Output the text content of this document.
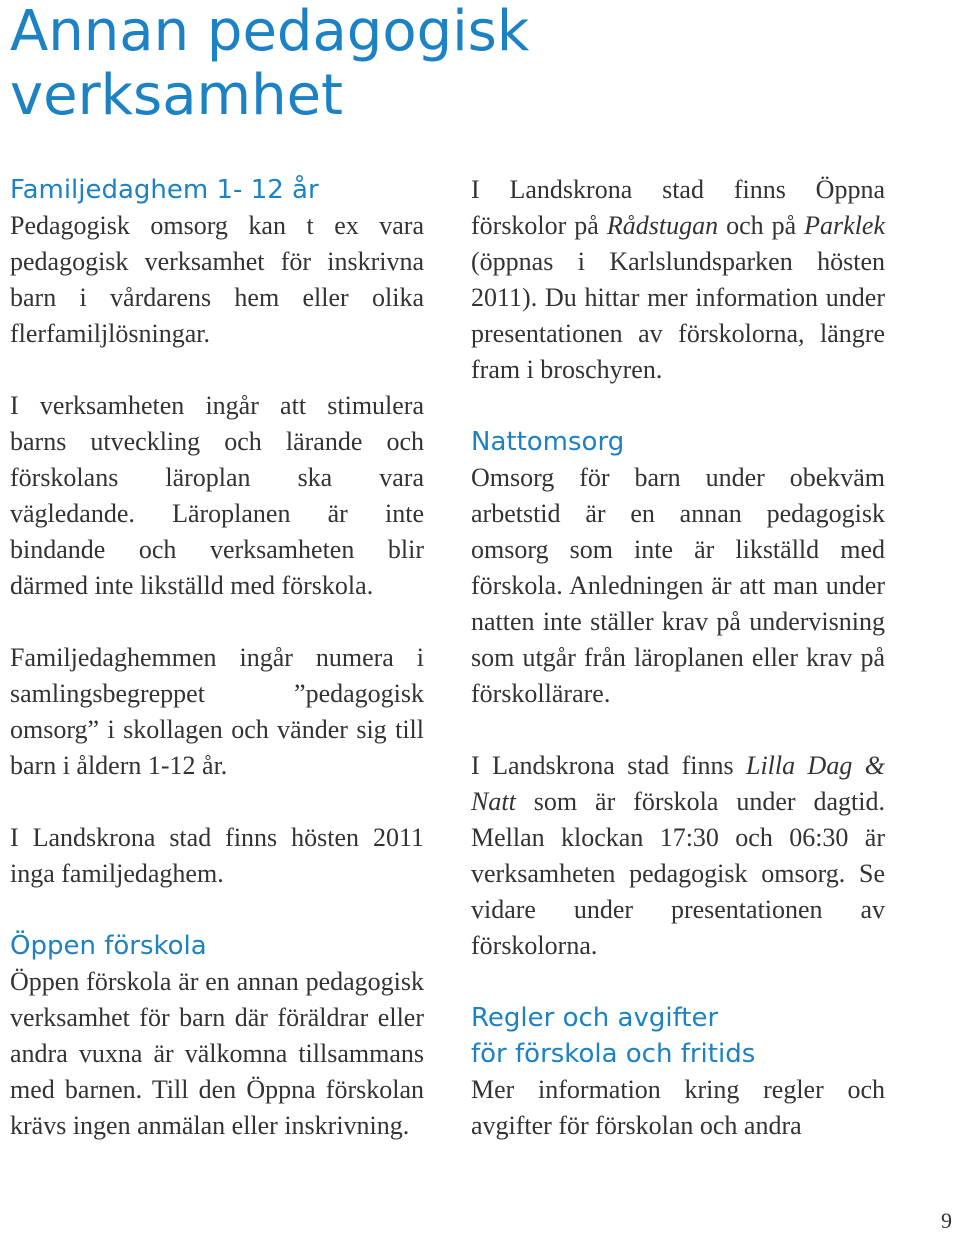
Annan pedagogisk
verksamhet
Familjedaghem 1- 12 år

Pedagogisk omsorg kan t ex vara pedagogisk verksamhet för inskrivna barn i vårdarens hem eller olika flerfamiljlösningar.

I verksamheten ingår att stimulera barns utveckling och lärande och förskolans läroplan ska vara vägledande. Läroplanen är inte bindande och verksamheten blir därmed inte likställd med förskola.

Familjedaghemmen ingår numera i samlingsbegreppet ”pedagogisk omsorg” i skollagen och vänder sig till barn i åldern 1-12 år.

I Landskrona stad finns hösten 2011 inga familjedaghem.

Öppen förskola

Öppen förskola är en annan pedagogisk verksamhet för barn där föräldrar eller andra vuxna är välkomna tillsammans med barnen. Till den Öppna förskolan krävs ingen anmälan eller inskrivning.

I Landskrona stad finns Öppna förskolor på Rådstugan och på Parklek (öppnas i Karlslundsparken hösten 2011). Du hittar mer information under presentationen av förskolorna, längre fram i broschyren.

Nattomsorg

Omsorg för barn under obekväm arbetstid är en annan pedagogisk omsorg som inte är likställd med förskola. Anledningen är att man under natten inte ställer krav på undervisning som utgår från läroplanen eller krav på förskollärare.

I Landskrona stad finns Lilla Dag & Natt som är förskola under dagtid. Mellan klockan 17:30 och 06:30 är verksamheten pedagogisk omsorg. Se vidare under presentationen av förskolorna.

Regler och avgifter
för förskola och fritids

Mer information kring regler och avgifter för förskolan och andra

9
